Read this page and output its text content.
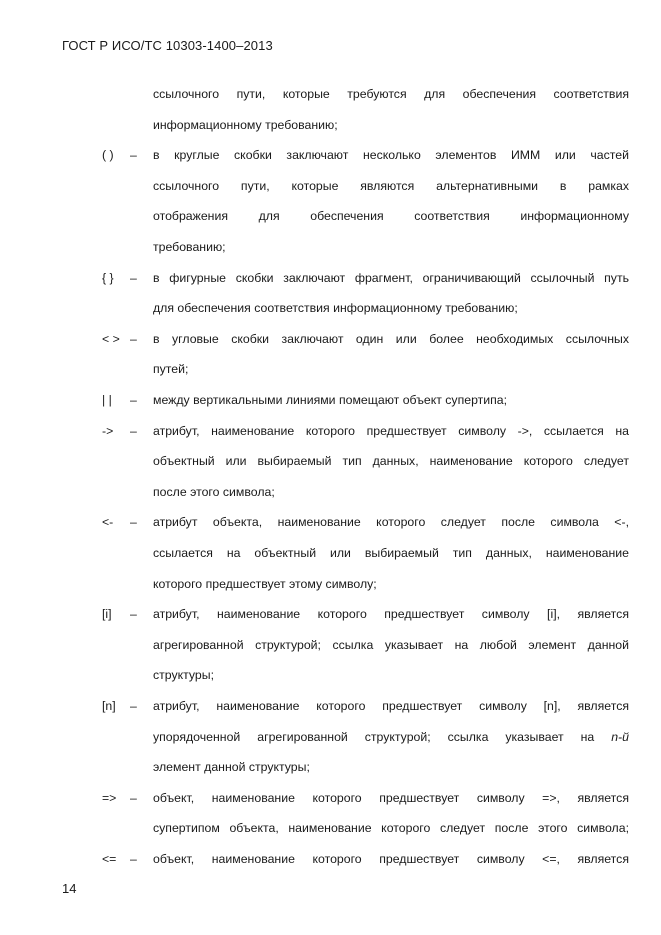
ГОСТ Р ИСО/ТС 10303-1400–2013
ссылочного пути, которые требуются для обеспечения соответствия
информационному требованию;
( ) – в круглые скобки заключают несколько элементов ИММ или частей
ссылочного пути, которые являются альтернативными в рамках
отображения для обеспечения соответствия информационному
требованию;
{ } – в фигурные скобки заключают фрагмент, ограничивающий ссылочный путь
для обеспечения соответствия информационному требованию;
< > – в угловые скобки заключают один или более необходимых ссылочных
путей;
| | – между вертикальными линиями помещают объект супертипа;
-> – атрибут, наименование которого предшествует символу ->, ссылается на
объектный или выбираемый тип данных, наименование которого следует
после этого символа;
<- – атрибут объекта, наименование которого следует после символа <-,
ссылается на объектный или выбираемый тип данных, наименование
которого предшествует этому символу;
[i] – атрибут, наименование которого предшествует символу [i], является
агрегированной структурой; ссылка указывает на любой элемент данной
структуры;
[n] – атрибут, наименование которого предшествует символу [n], является
упорядоченной агрегированной структурой; ссылка указывает на n-й
элемент данной структуры;
=> – объект, наименование которого предшествует символу =>, является
супертипом объекта, наименование которого следует после этого символа;
<= – объект, наименование которого предшествует символу <=, является
14
